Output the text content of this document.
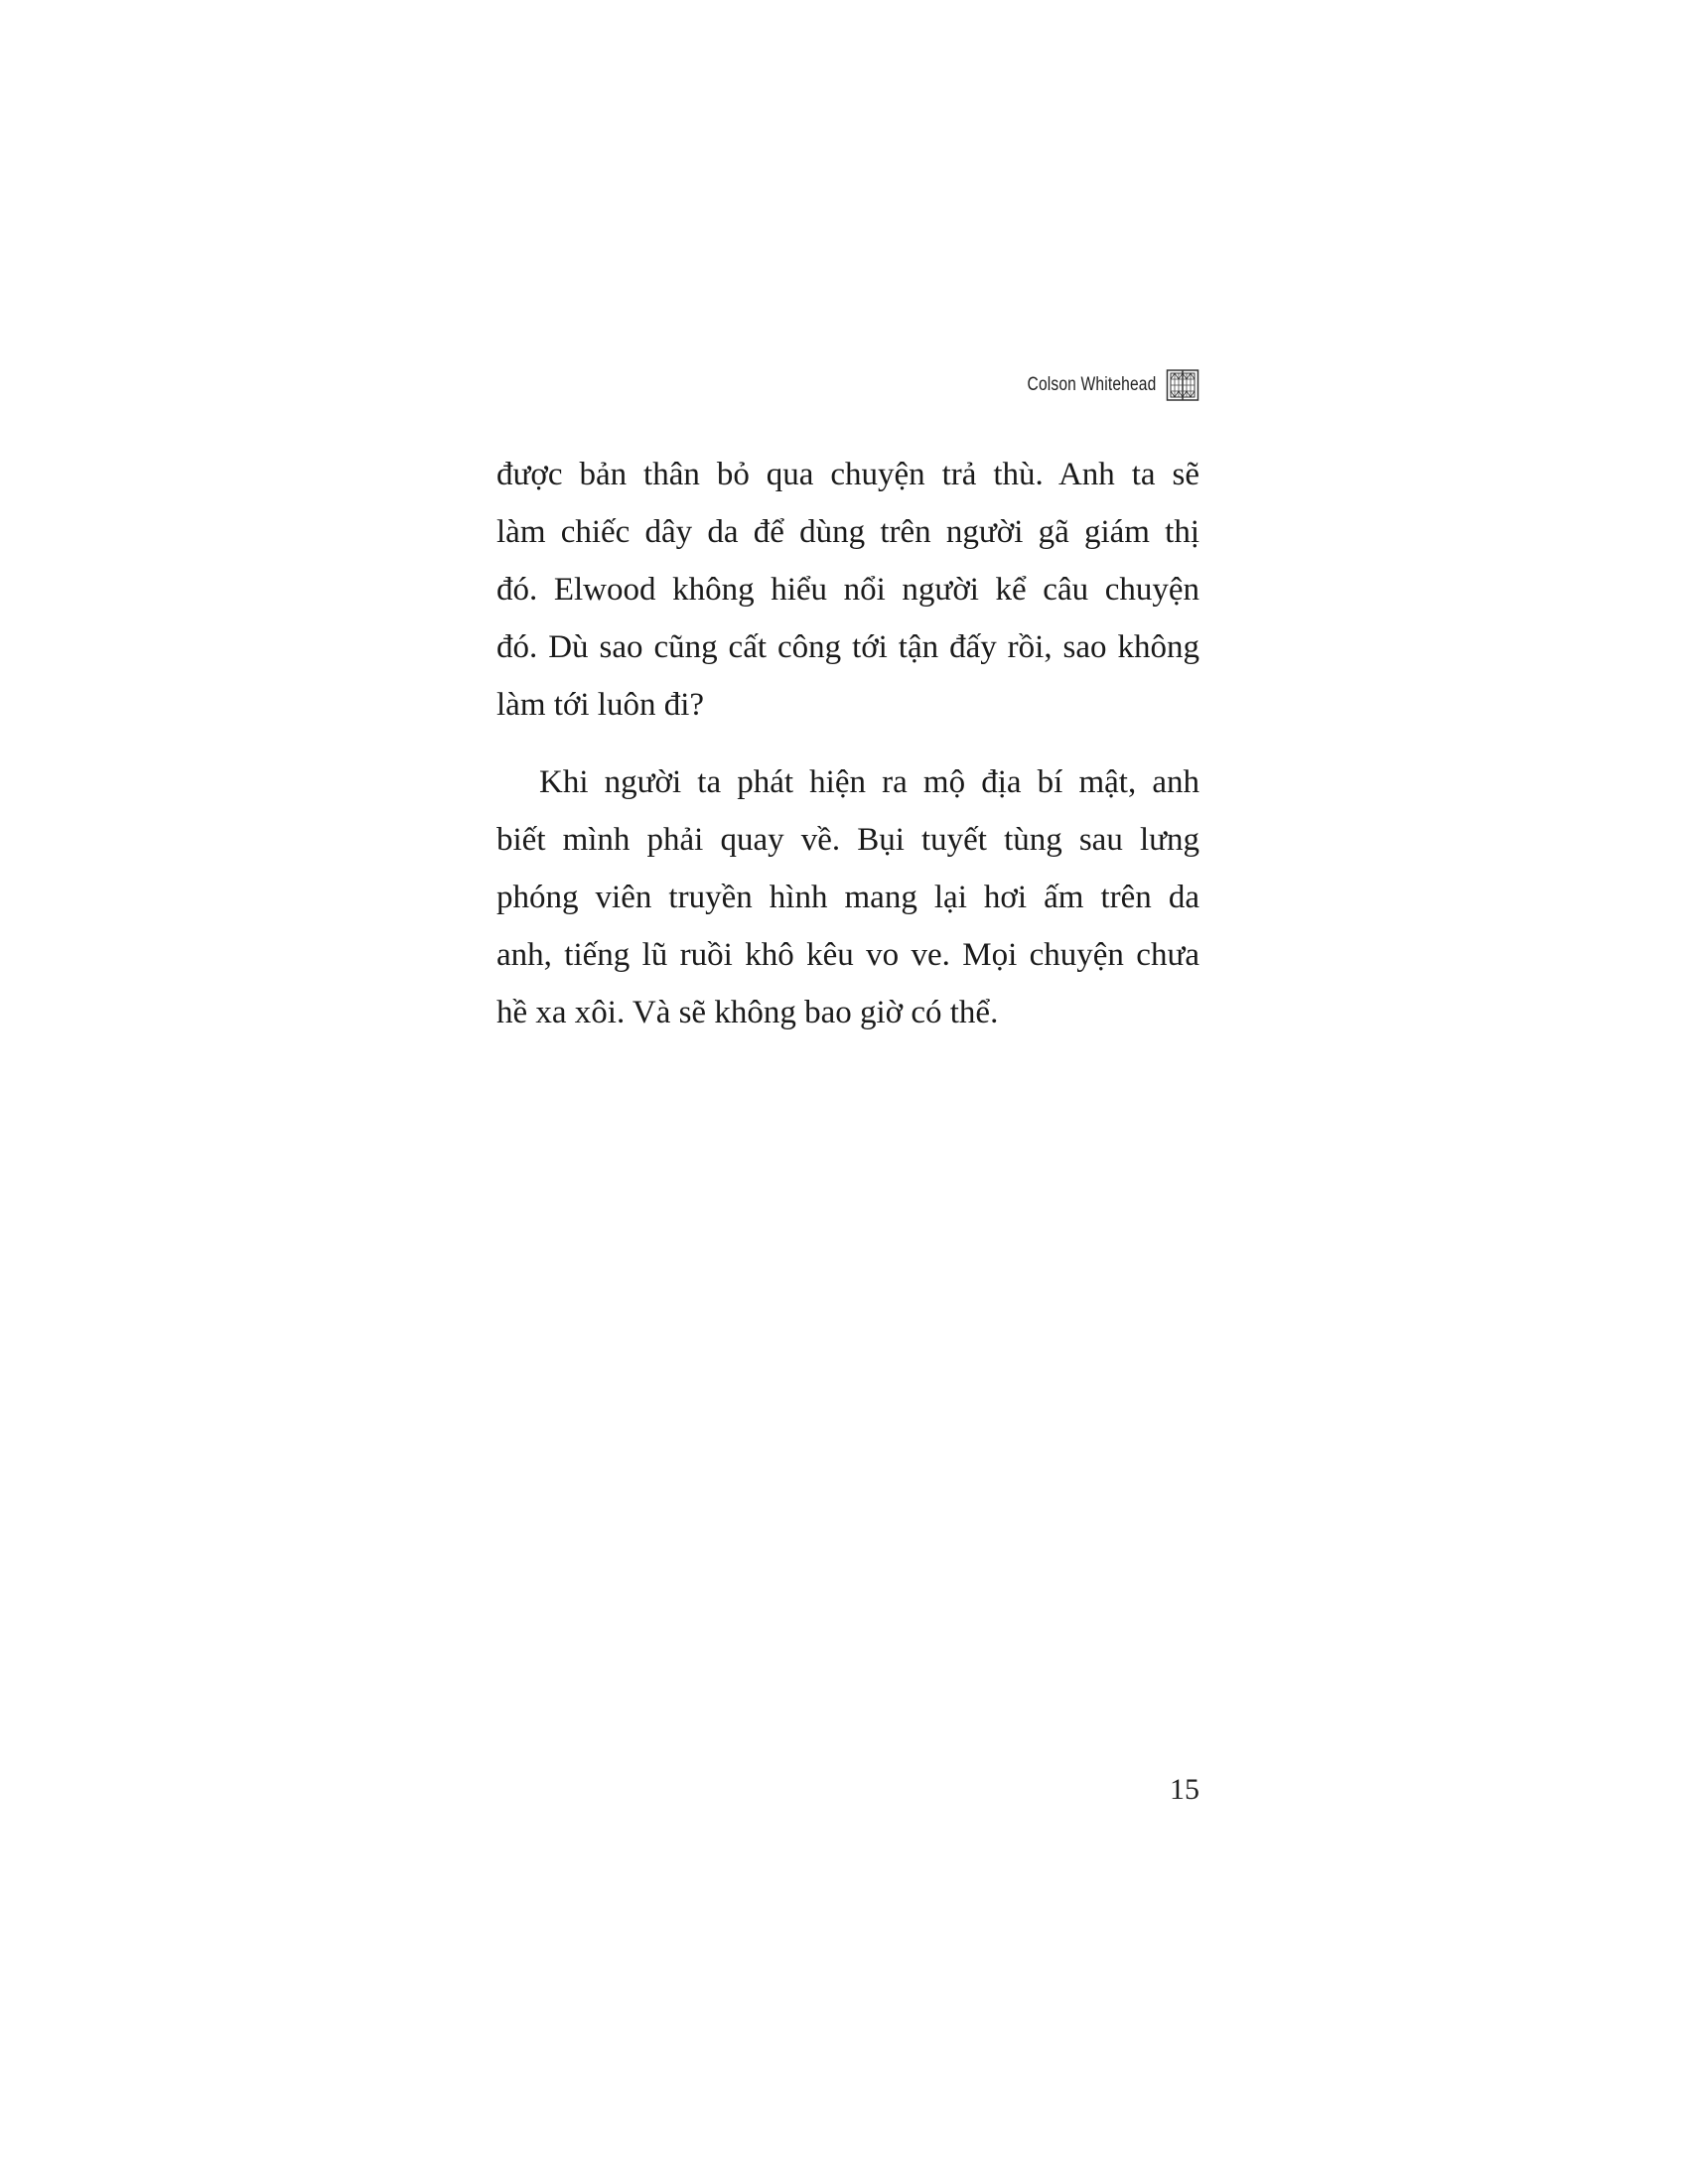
Colson Whitehead

được bản thân bỏ qua chuyện trả thù. Anh ta sẽ
làm chiếc dây da để dùng trên người gã giám thị
đó. Elwood không hiểu nổi người kể câu chuyện
đó. Dù sao cũng cất công tới tận đấy rồi, sao không
làm tới luôn đi?

Khi người ta phát hiện ra mộ địa bí mật, anh
biết mình phải quay về. Bụi tuyết tùng sau lưng
phóng viên truyền hình mang lại hơi ấm trên da
anh, tiếng lũ ruồi khô kêu vo ve. Mọi chuyện chưa
hề xa xôi. Và sẽ không bao giờ có thể.

15
